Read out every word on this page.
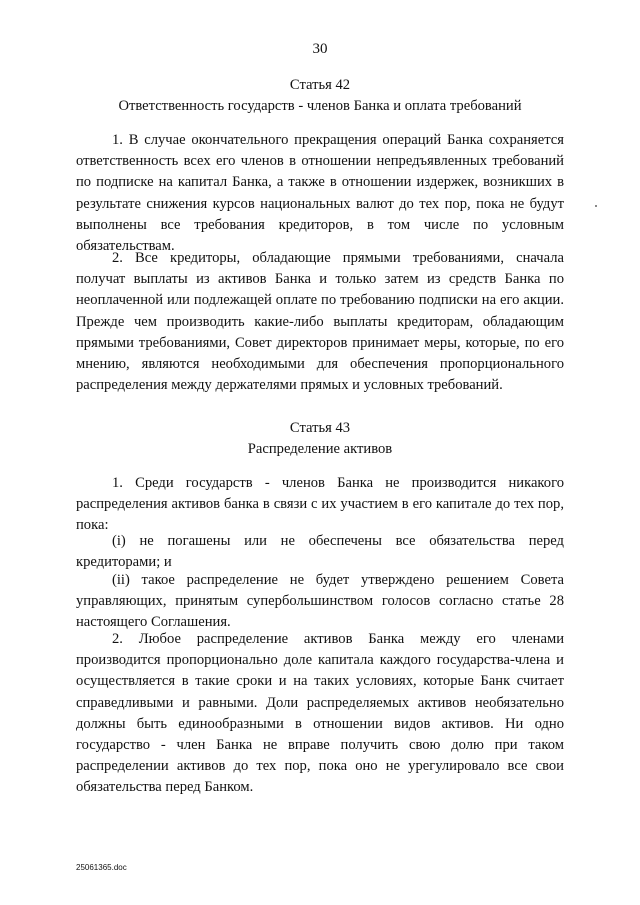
30
Статья 42
Ответственность государств - членов Банка и оплата требований

1. В случае окончательного прекращения операций Банка сохраняется ответственность всех его членов в отношении непредъявленных требований по подписке на капитал Банка, а также в отношении издержек, возникших в результате снижения курсов национальных валют до тех пор, пока не будут выполнены все требования кредиторов, в том числе по условным обязательствам.

2. Все кредиторы, обладающие прямыми требованиями, сначала получат выплаты из активов Банка и только затем из средств Банка по неоплаченной или подлежащей оплате по требованию подписки на его акции. Прежде чем производить какие-либо выплаты кредиторам, обладающим прямыми требованиями, Совет директоров принимает меры, которые, по его мнению, являются необходимыми для обеспечения пропорционального распределения между держателями прямых и условных требований.

Статья 43
Распределение активов

1. Среди государств - членов Банка не производится никакого распределения активов банка в связи с их участием в его капитале до тех пор, пока:

(i) не погашены или не обеспечены все обязательства перед кредиторами; и

(ii) такое распределение не будет утверждено решением Совета управляющих, принятым супербольшинством голосов согласно статье 28 настоящего Соглашения.

2. Любое распределение активов Банка между его членами производится пропорционально доле капитала каждого государства-члена и осуществляется в такие сроки и на таких условиях, которые Банк считает справедливыми и равными. Доли распределяемых активов необязательно должны быть единообразными в отношении видов активов. Ни одно государство - член Банка не вправе получить свою долю при таком распределении активов до тех пор, пока оно не урегулировало все свои обязательства перед Банком.

25061365.doc
